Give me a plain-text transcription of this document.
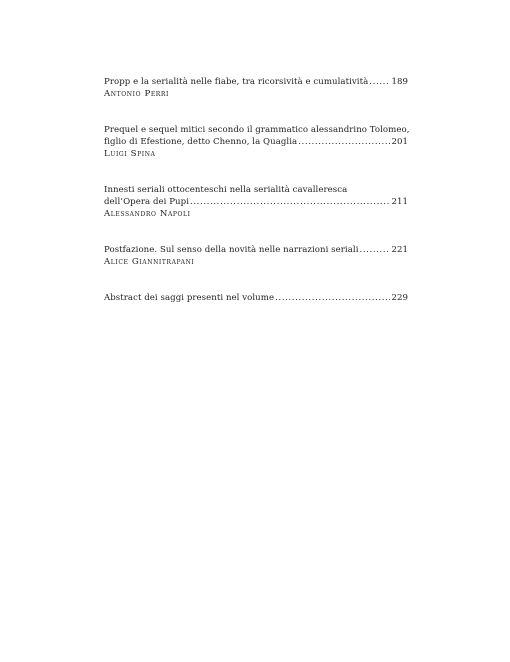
Propp e la serialità nelle fiabe, tra ricorsività e cumulatività .....	189
Antonio Perri
Prequel e sequel mitici secondo il grammatico alessandrino Tolomeo,
figlio di Efestione, detto Chenno, la Quaglia .....	201
Luigi Spina
Innesti seriali ottocenteschi nella serialità cavalleresca
dell’Opera dei Pupi .....	211
Alessandro Napoli
Postfazione. Sul senso della novità nelle narrazioni seriali .....	221
Alice Giannitrapani
Abstract dei saggi presenti nel volume .....	229
